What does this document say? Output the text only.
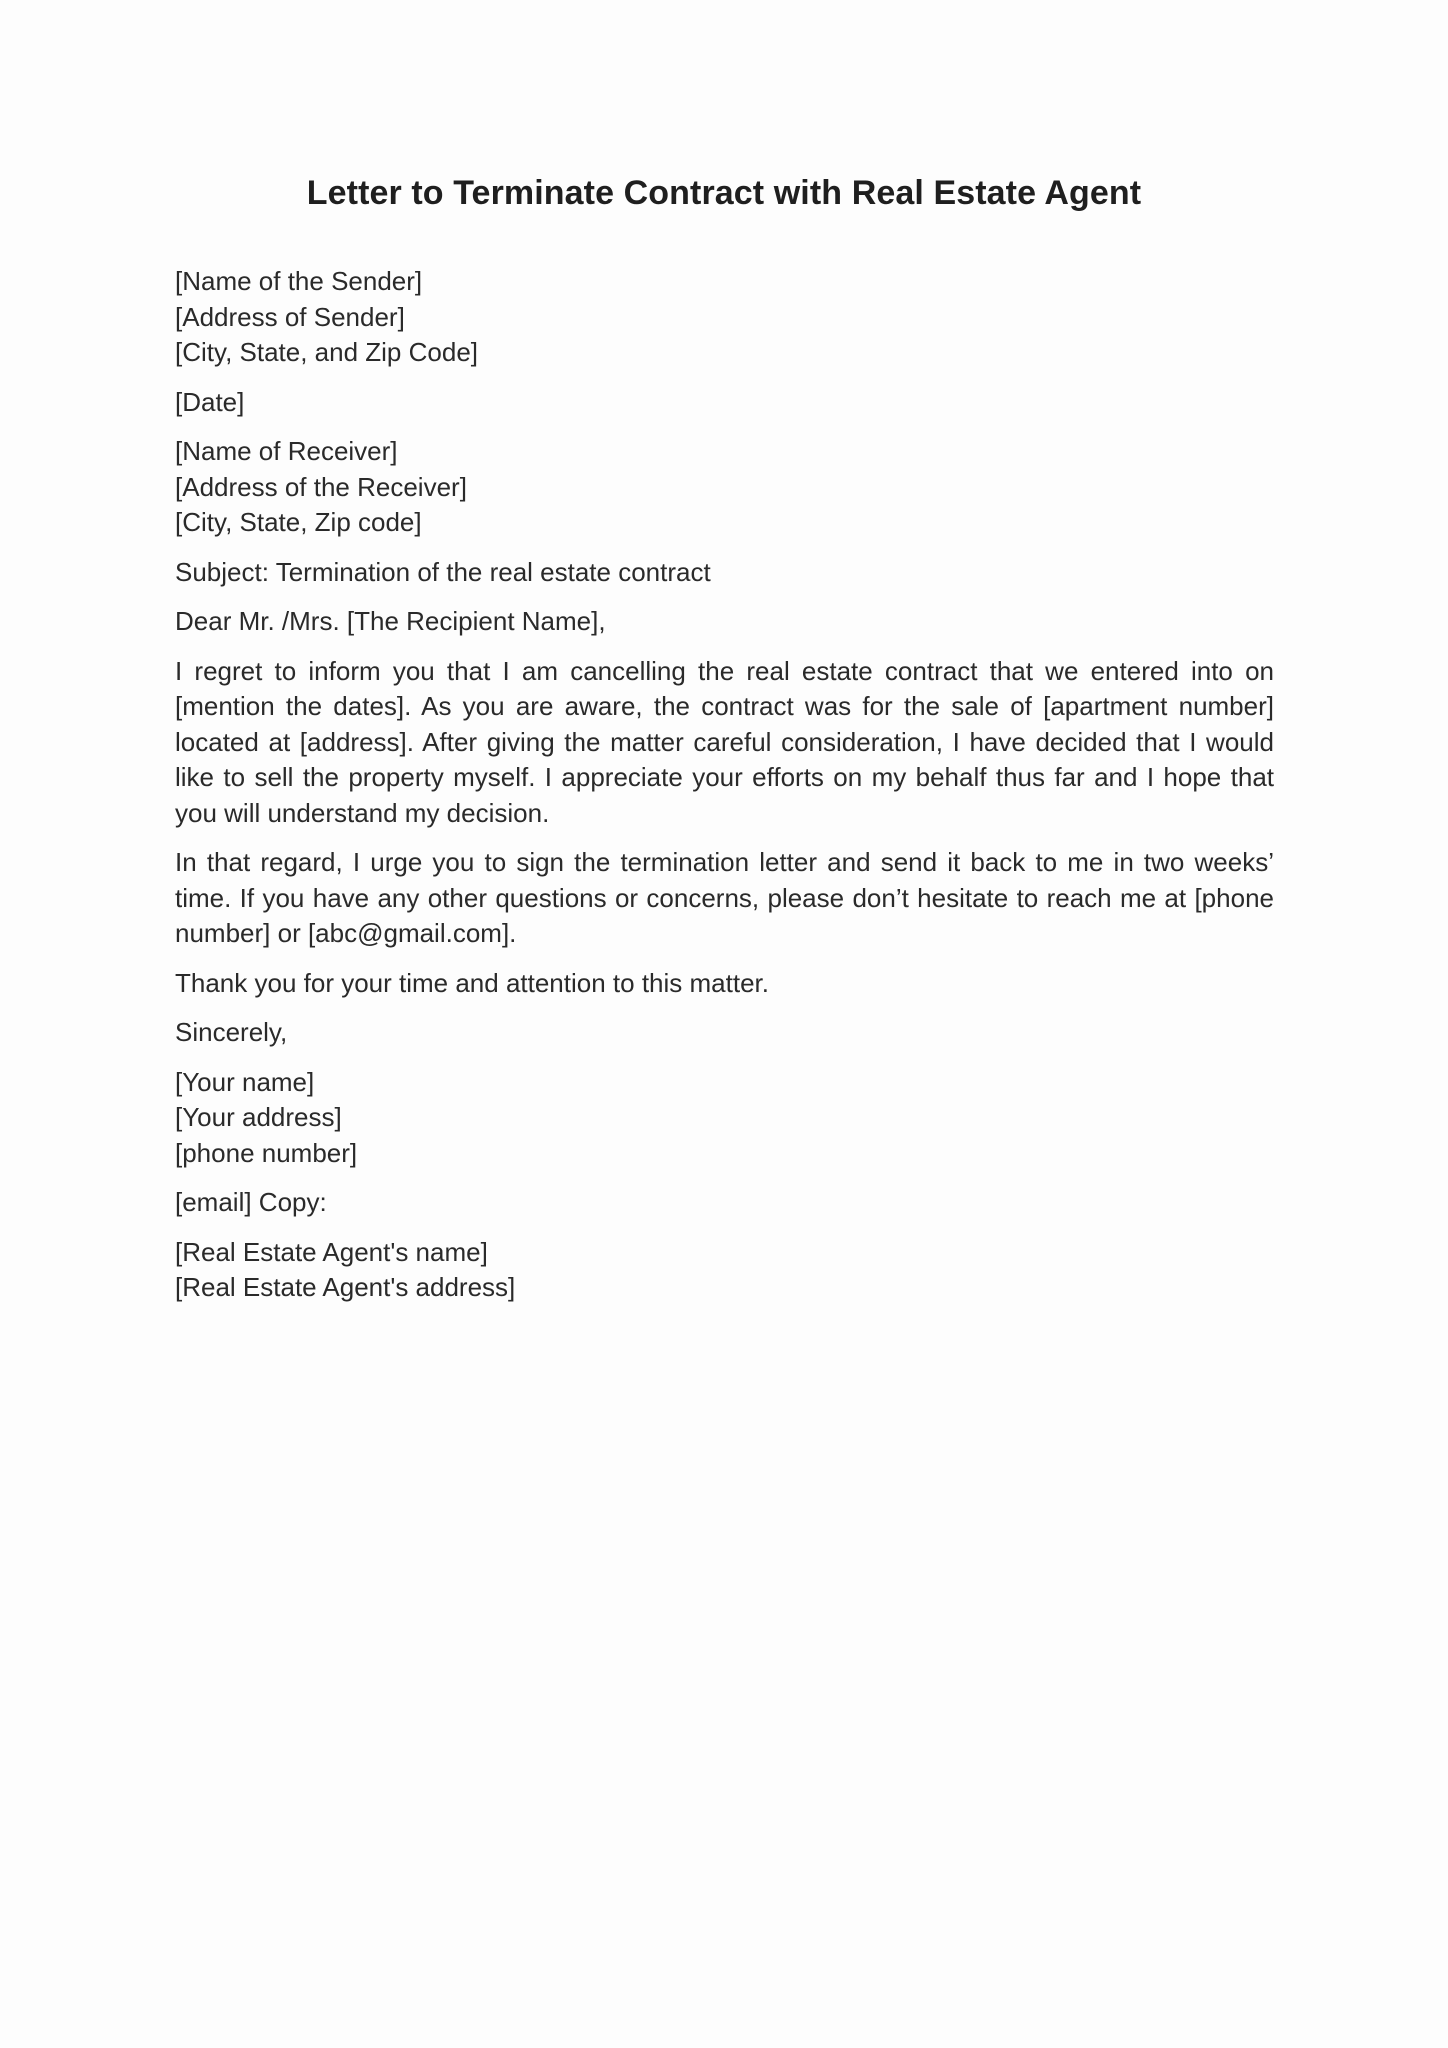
Letter to Terminate Contract with Real Estate Agent
[Name of the Sender]
[Address of Sender]
[City, State, and Zip Code]
[Date]
[Name of Receiver]
[Address of the Receiver]
[City, State, Zip code]
Subject: Termination of the real estate contract
Dear Mr. /Mrs. [The Recipient Name],

I regret to inform you that I am cancelling the real estate contract that we entered into on [mention the dates]. As you are aware, the contract was for the sale of [apartment number] located at [address]. After giving the matter careful consideration, I have decided that I would like to sell the property myself. I appreciate your efforts on my behalf thus far and I hope that you will understand my decision.

In that regard, I urge you to sign the termination letter and send it back to me in two weeks’ time. If you have any other questions or concerns, please don’t hesitate to reach me at [phone number] or [abc@gmail.com].

Thank you for your time and attention to this matter.

Sincerely,
[Your name]
[Your address]
[phone number]
[email] Copy:
[Real Estate Agent's name]
[Real Estate Agent's address]
